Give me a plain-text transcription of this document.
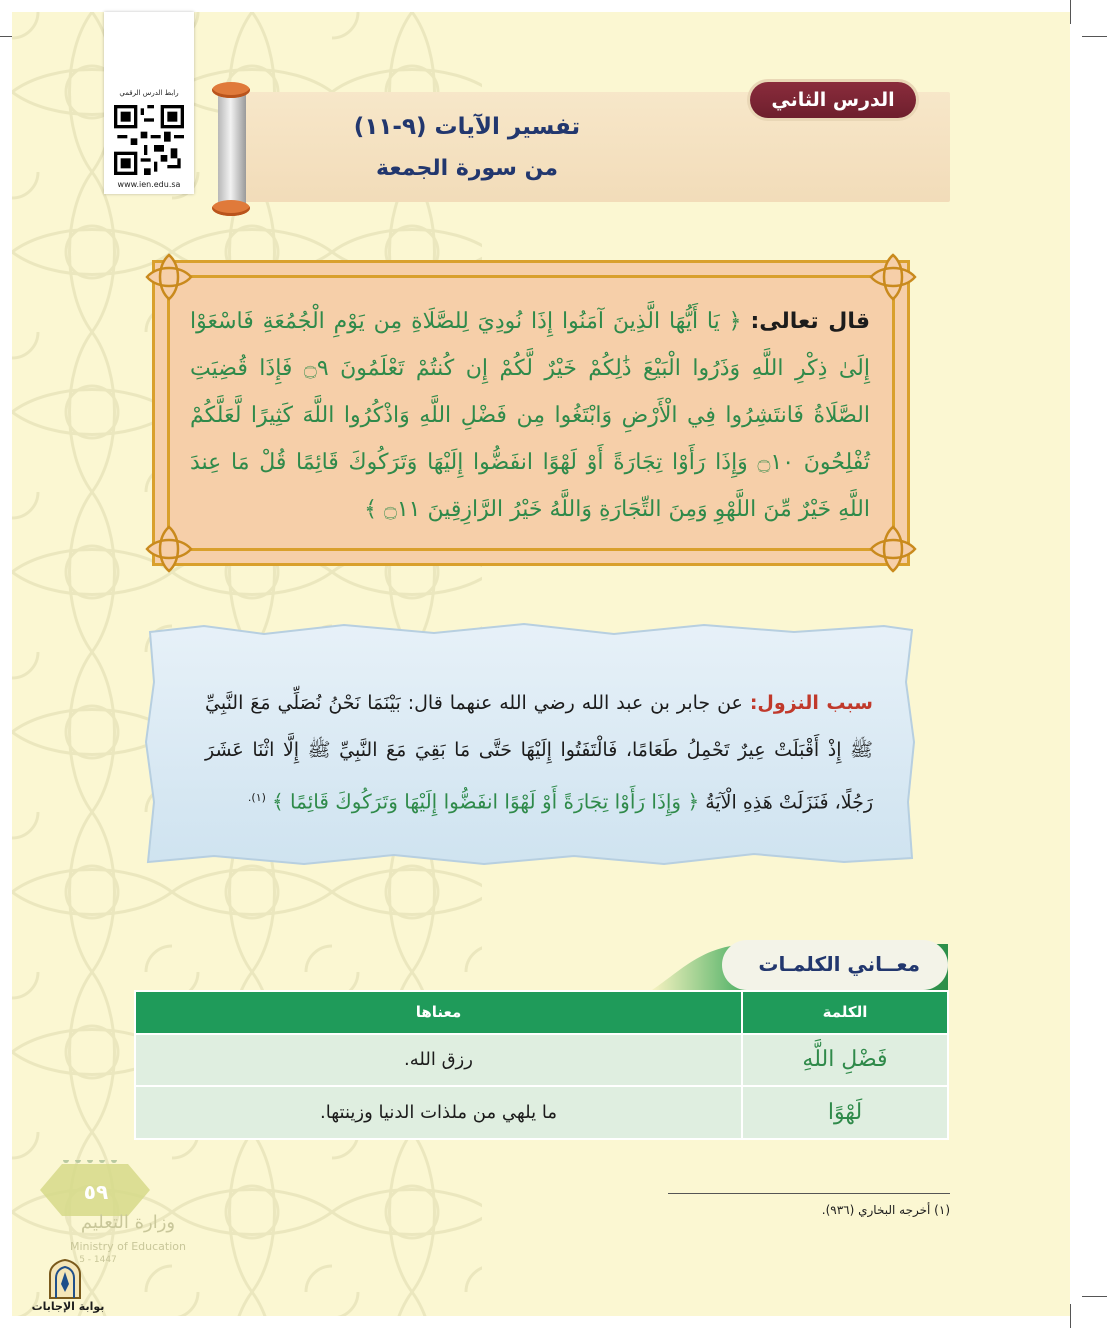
رابط الدرس الرقمي
www.ien.edu.sa
تفسير الآيات (٩-١١)
من سورة الجمعة
الدرس الثاني
قال تعالى: ﴿ يَا أَيُّهَا الَّذِينَ آمَنُوا إِذَا نُودِيَ لِلصَّلَاةِ مِن يَوْمِ الْجُمُعَةِ فَاسْعَوْا إِلَىٰ ذِكْرِ اللَّهِ وَذَرُوا الْبَيْعَ ذَٰلِكُمْ خَيْرٌ لَّكُمْ إِن كُنتُمْ تَعْلَمُونَ ۝٩ فَإِذَا قُضِيَتِ الصَّلَاةُ فَانتَشِرُوا فِي الْأَرْضِ وَابْتَغُوا مِن فَضْلِ اللَّهِ وَاذْكُرُوا اللَّهَ كَثِيرًا لَّعَلَّكُمْ تُفْلِحُونَ ۝١٠ وَإِذَا رَأَوْا تِجَارَةً أَوْ لَهْوًا انفَضُّوا إِلَيْهَا وَتَرَكُوكَ قَائِمًا قُلْ مَا عِندَ اللَّهِ خَيْرٌ مِّنَ اللَّهْوِ وَمِنَ التِّجَارَةِ وَاللَّهُ خَيْرُ الرَّازِقِينَ ۝١١ ﴾
سبب النزول: عن جابر بن عبد الله رضي الله عنهما قال: بَيْنَمَا نَحْنُ نُصَلِّي مَعَ النَّبِيِّ ﷺ إِذْ أَقْبَلَتْ عِيرٌ تَحْمِلُ طَعَامًا، فَالْتَفَتُوا إِلَيْهَا حَتَّى مَا بَقِيَ مَعَ النَّبِيِّ ﷺ إِلَّا اثْنَا عَشَرَ رَجُلًا، فَنَزَلَتْ هَذِهِ الْآيَةُ ﴿ وَإِذَا رَأَوْا تِجَارَةً أَوْ لَهْوًا انفَضُّوا إِلَيْهَا وَتَرَكُوكَ قَائِمًا ﴾ $^{(١).}$
معــاني الكلمـات
الكلمة	معناها
فَضْلِ اللَّهِ	رزق الله.
لَهْوًا	ما يلهي من ملذات الدنيا وزينتها.
(١) أخرجه البخاري (٩٣٦).
٥٩
وزارة التعليم
Ministry of Education
5 - 1447
بوابة الإجابات
